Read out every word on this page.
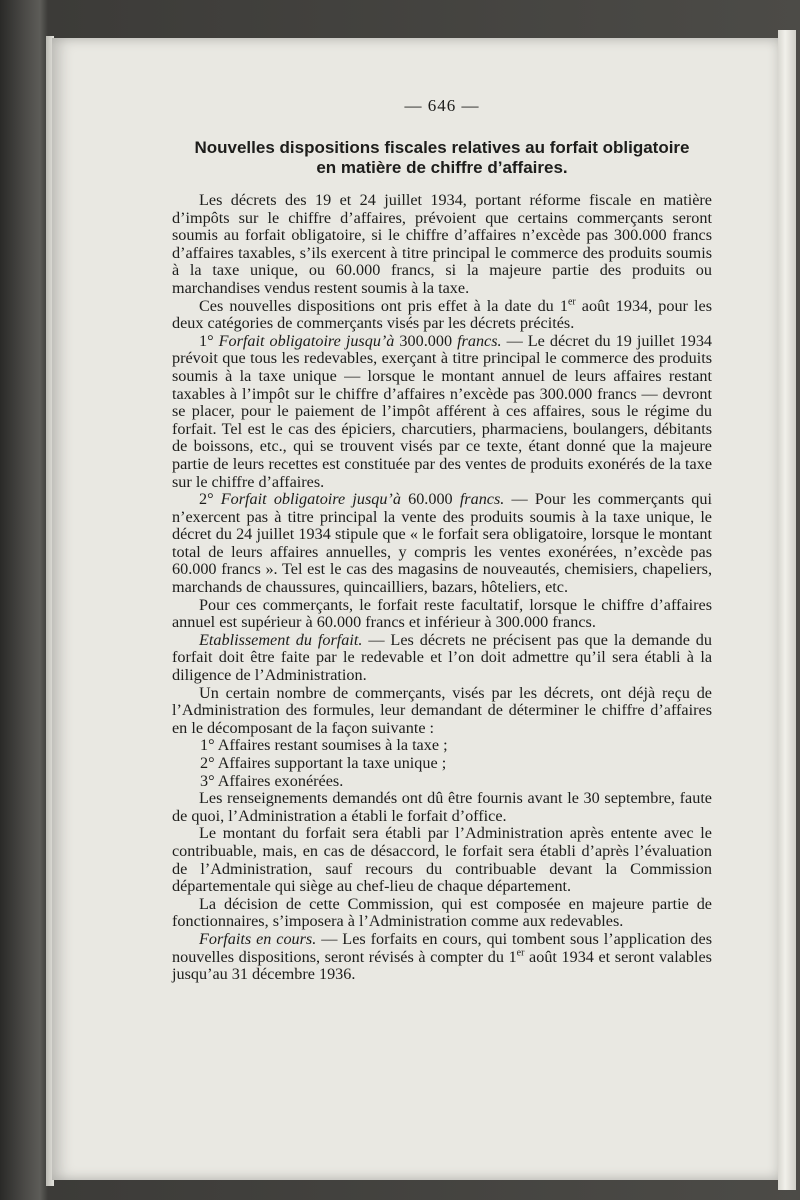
— 646 —
Nouvelles dispositions fiscales relatives au forfait obligatoire
en matière de chiffre d’affaires.

Les décrets des 19 et 24 juillet 1934, portant réforme fiscale en matière d’impôts sur le chiffre d’affaires, prévoient que certains commerçants seront soumis au forfait obligatoire, si le chiffre d’affaires n’excède pas 300.000 francs d’affaires taxables, s’ils exercent à titre principal le commerce des produits soumis à la taxe unique, ou 60.000 francs, si la majeure partie des produits ou marchandises vendus restent soumis à la taxe.

Ces nouvelles dispositions ont pris effet à la date du 1er août 1934, pour les deux catégories de commerçants visés par les décrets précités.

1° Forfait obligatoire jusqu’à 300.000 francs. — Le décret du 19 juillet 1934 prévoit que tous les redevables, exerçant à titre principal le commerce des produits soumis à la taxe unique — lorsque le montant annuel de leurs affaires restant taxables à l’impôt sur le chiffre d’affaires n’excède pas 300.000 francs — devront se placer, pour le paiement de l’impôt afférent à ces affaires, sous le régime du forfait. Tel est le cas des épiciers, charcutiers, pharmaciens, boulangers, débitants de boissons, etc., qui se trouvent visés par ce texte, étant donné que la majeure partie de leurs recettes est constituée par des ventes de produits exonérés de la taxe sur le chiffre d’affaires.

2° Forfait obligatoire jusqu’à 60.000 francs. — Pour les commerçants qui n’exercent pas à titre principal la vente des produits soumis à la taxe unique, le décret du 24 juillet 1934 stipule que « le forfait sera obligatoire, lorsque le montant total de leurs affaires annuelles, y compris les ventes exonérées, n’excède pas 60.000 francs ». Tel est le cas des magasins de nouveautés, chemisiers, chapeliers, marchands de chaussures, quincailliers, bazars, hôteliers, etc.

Pour ces commerçants, le forfait reste facultatif, lorsque le chiffre d’affaires annuel est supérieur à 60.000 francs et inférieur à 300.000 francs.

Etablissement du forfait. — Les décrets ne précisent pas que la demande du forfait doit être faite par le redevable et l’on doit admettre qu’il sera établi à la diligence de l’Administration.

Un certain nombre de commerçants, visés par les décrets, ont déjà reçu de l’Administration des formules, leur demandant de déterminer le chiffre d’affaires en le décomposant de la façon suivante :

1° Affaires restant soumises à la taxe ;

2° Affaires supportant la taxe unique ;

3° Affaires exonérées.

Les renseignements demandés ont dû être fournis avant le 30 septembre, faute de quoi, l’Administration a établi le forfait d’office.

Le montant du forfait sera établi par l’Administration après entente avec le contribuable, mais, en cas de désaccord, le forfait sera établi d’après l’évaluation de l’Administration, sauf recours du contribuable devant la Commission départementale qui siège au chef-lieu de chaque département.

La décision de cette Commission, qui est composée en majeure partie de fonctionnaires, s’imposera à l’Administration comme aux redevables.

Forfaits en cours. — Les forfaits en cours, qui tombent sous l’application des nouvelles dispositions, seront révisés à compter du 1er août 1934 et seront valables jusqu’au 31 décembre 1936.
